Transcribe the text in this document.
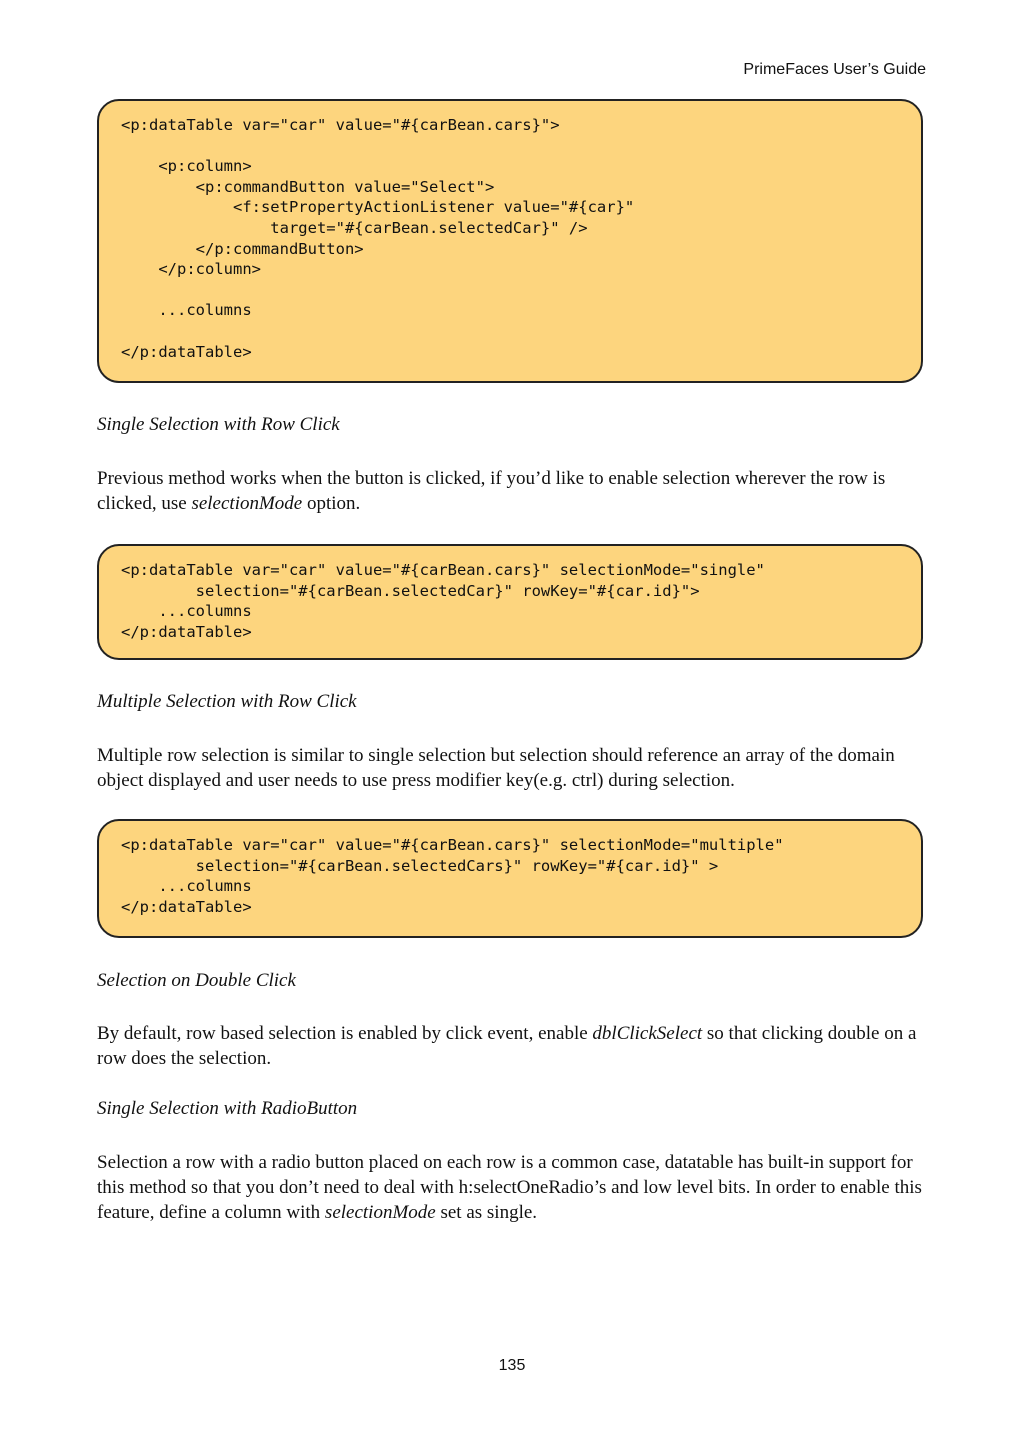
PrimeFaces User’s Guide
<p:dataTable var="car" value="#{carBean.cars}">

<p:column>
<p:commandButton value="Select">
<f:setPropertyActionListener value="#{car}"
target="#{carBean.selectedCar}" />
</p:commandButton>
</p:column>

...columns

</p:dataTable>
Single Selection with Row Click

Previous method works when the button is clicked, if you’d like to enable selection wherever the row is clicked, use selectionMode option.

<p:dataTable var="car" value="#{carBean.cars}" selectionMode="single"
selection="#{carBean.selectedCar}" rowKey="#{car.id}">
...columns
</p:dataTable>
Multiple Selection with Row Click

Multiple row selection is similar to single selection but selection should reference an array of the domain object displayed and user needs to use press modifier key(e.g. ctrl) during selection.

<p:dataTable var="car" value="#{carBean.cars}" selectionMode="multiple"
selection="#{carBean.selectedCars}" rowKey="#{car.id}" >
...columns
</p:dataTable>
Selection on Double Click

By default, row based selection is enabled by click event, enable dblClickSelect so that clicking double on a row does the selection.

Single Selection with RadioButton

Selection a row with a radio button placed on each row is a common case, datatable has built-in support for this method so that you don’t need to deal with h:selectOneRadio’s and low level bits. In order to enable this feature, define a column with selectionMode set as single.

135
